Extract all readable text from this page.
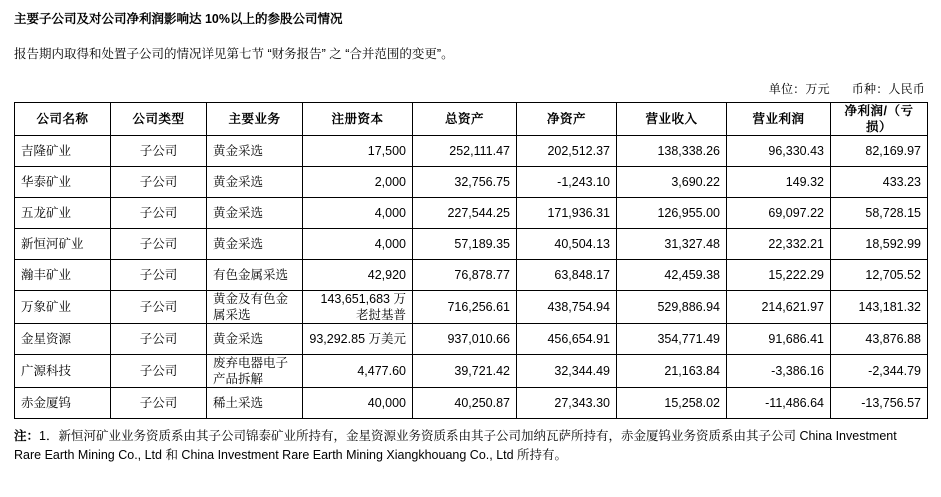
主要子公司及对公司净利润影响达 10%以上的参股公司情况
报告期内取得和处置子公司的情况详见第七节 “财务报告” 之 “合并范围的变更”。
单位：万元 币种：人民币
公司名称	公司类型	主要业务	注册资本	总资产	净资产	营业收入	营业利润	净利润/（亏损）
吉隆矿业	子公司	黄金采选	17,500	252,111.47	202,512.37	138,338.26	96,330.43	82,169.97
华泰矿业	子公司	黄金采选	2,000	32,756.75	-1,243.10	3,690.22	149.32	433.23
五龙矿业	子公司	黄金采选	4,000	227,544.25	171,936.31	126,955.00	69,097.22	58,728.15
新恒河矿业	子公司	黄金采选	4,000	57,189.35	40,504.13	31,327.48	22,332.21	18,592.99
瀚丰矿业	子公司	有色金属采选	42,920	76,878.77	63,848.17	42,459.38	15,222.29	12,705.52
万象矿业	子公司	黄金及有色金属采选	143,651,683 万老挝基普	716,256.61	438,754.94	529,886.94	214,621.97	143,181.32
金星资源	子公司	黄金采选	93,292.85 万美元	937,010.66	456,654.91	354,771.49	91,686.41	43,876.88
广源科技	子公司	废弃电器电子产品拆解	4,477.60	39,721.42	32,344.49	21,163.84	-3,386.16	-2,344.79
赤金厦钨	子公司	稀土采选	40,000	40,250.87	27,343.30	15,258.02	-11,486.64	-13,756.57
注：1．新恒河矿业业务资质系由其子公司锦泰矿业所持有，金星资源业务资质系由其子公司加纳瓦萨所持有，赤金厦钨业务资质系由其子公司 China Investment Rare Earth Mining Co., Ltd 和 China Investment Rare Earth Mining Xiangkhouang Co., Ltd 所持有。
